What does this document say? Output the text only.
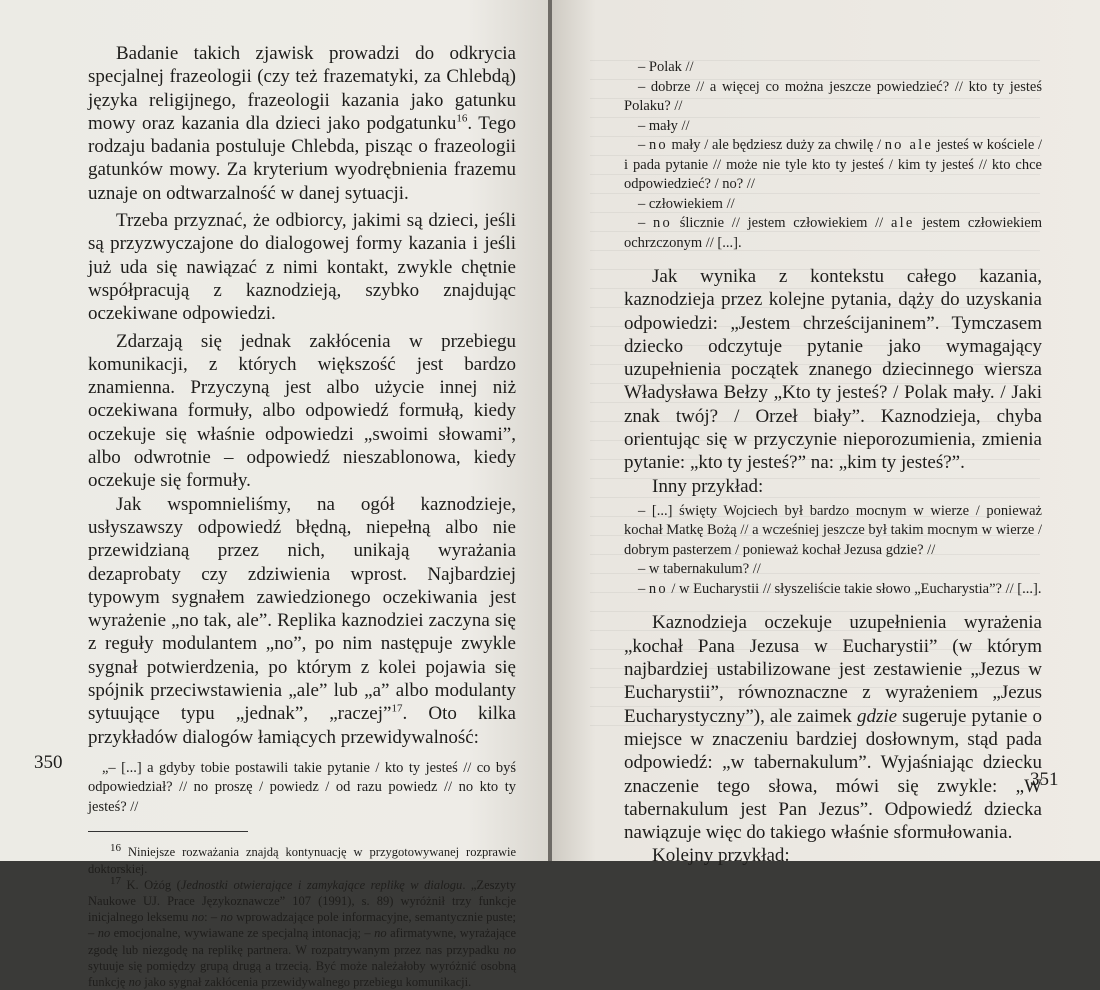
Badanie takich zjawisk prowadzi do odkrycia specjalnej frazeologii (czy też frazematyki, za Chlebdą) języka religijnego, frazeologii kazania jako gatunku mowy oraz kazania dla dzieci jako podgatunku$^{16}$. Tego rodzaju badania postuluje Chlebda, pisząc o frazeologii gatunków mowy. Za kryterium wyodrębnienia frazemu uznaje on odtwarzalność w danej sytuacji.

Trzeba przyznać, że odbiorcy, jakimi są dzieci, jeśli są przyzwyczajone do dialogowej formy kazania i jeśli już uda się nawiązać z nimi kontakt, zwykle chętnie współpracują z kaznodzieją, szybko znajdując oczekiwane odpowiedzi.

Zdarzają się jednak zakłócenia w przebiegu komunikacji, z których większość jest bardzo znamienna. Przyczyną jest albo użycie innej niż oczekiwana formuły, albo odpowiedź formułą, kiedy oczekuje się właśnie odpowiedzi „swoimi słowami”, albo odwrotnie – odpowiedź nieszablonowa, kiedy oczekuje się formuły.

Jak wspomnieliśmy, na ogół kaznodzieje, usłyszawszy odpowiedź błędną, niepełną albo nie przewidzianą przez nich, unikają wyrażania dezaprobaty czy zdziwienia wprost. Najbardziej typowym sygnałem zawiedzionego oczekiwania jest wyrażenie „no tak, ale”. Replika kaznodziei zaczyna się z reguły modulantem „no”, po nim następuje zwykle sygnał potwierdzenia, po którym z kolei pojawia się spójnik przeciwstawienia „ale” lub „a” albo modulanty sytuujące typu „jednak”, „raczej”$^{17}$. Oto kilka przykładów dialogów łamiących przewidywalność:

„– [...] a gdyby tobie postawili takie pytanie / kto ty jesteś // co byś odpowiedział? // no proszę / powiedz / od razu powiedz // no kto ty jesteś? //

$^{16}$ Niniejsze rozważania znajdą kontynuację w przygotowywanej rozprawie doktorskiej.

$^{17}$ K. Ożóg (Jednostki otwierające i zamykające replikę w dialogu. „Zeszyty Naukowe UJ. Prace Językoznawcze” 107 (1991), s. 89) wyróżnił trzy funkcje inicjalnego leksemu no: – no wprowadzające pole informacyjne, semantycznie puste; – no emocjonalne, wywiawane ze specjalną intonacją; – no afirmatywne, wyrażające zgodę lub niezgodę na replikę partnera. W rozpatrywanym przez nas przypadku no sytuuje się pomiędzy grupą drugą a trzecią. Być może należałoby wyróżnić osobną funkcję no jako sygnał zakłócenia przewidywalnego przebiegu komunikacji.

350

– Polak //

– dobrze // a więcej co można jeszcze powiedzieć? // kto ty jesteś Polaku? //

– mały //

– no mały / ale będziesz duży za chwilę / no ale jesteś w kościele / i pada pytanie // może nie tyle kto ty jesteś / kim ty jesteś // kto chce odpowiedzieć? / no? //

– człowiekiem //

– no ślicznie // jestem człowiekiem // ale jestem człowiekiem ochrzczonym // [...].

Jak wynika z kontekstu całego kazania, kaznodzieja przez kolejne pytania, dąży do uzyskania odpowiedzi: „Jestem chrześcijaninem”. Tymczasem dziecko odczytuje pytanie jako wymagający uzupełnienia początek znanego dziecinnego wiersza Władysława Bełzy „Kto ty jesteś? / Polak mały. / Jaki znak twój? / Orzeł biały”. Kaznodzieja, chyba orientując się w przyczynie nieporozumienia, zmienia pytanie: „kto ty jesteś?” na: „kim ty jesteś?”.

Inny przykład:

– [...] święty Wojciech był bardzo mocnym w wierze / ponieważ kochał Matkę Bożą // a wcześniej jeszcze był takim mocnym w wierze / dobrym pasterzem / ponieważ kochał Jezusa gdzie? //

– w tabernakulum? //

– no / w Eucharystii // słyszeliście takie słowo „Eucharystia”? // [...].

Kaznodzieja oczekuje uzupełnienia wyrażenia „kochał Pana Jezusa w Eucharystii” (w którym najbardziej ustabilizowane jest zestawienie „Jezus w Eucharystii”, równoznaczne z wyrażeniem „Jezus Eucharystyczny”), ale zaimek gdzie sugeruje pytanie o miejsce w znaczeniu bardziej dosłownym, stąd pada odpowiedź: „w tabernakulum”. Wyjaśniając dziecku znaczenie tego słowa, mówi się zwykle: „W tabernakulum jest Pan Jezus”. Odpowiedź dziecka nawiązuje więc do takiego właśnie sformułowania.

Kolejny przykład:

351
